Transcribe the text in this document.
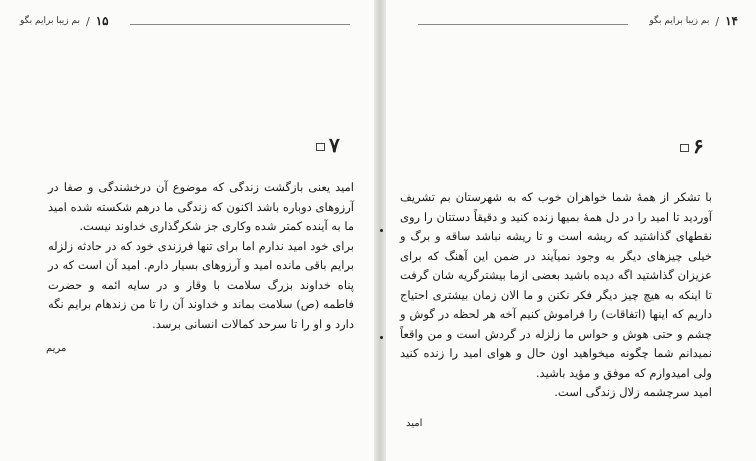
۱۵
/
بم زیبا برایم بگو
۷

امید یعنی بازگشت زندگی که موضوع آن درخشندگی و صفا در آرزوهای دوباره باشد اکنون که زندگی ما درهم شکسته شده امید ما به آینده کمتر شده وکاری جز شکرگذاری خداوند نیست.

برای خود امید ندارم اما برای تنها فرزندی خود که در حادثه زلزله برایم باقی مانده امید و آرزوهای بسیار دارم. امید آن است که در پناه خداوند بزرگ سلامت با وقار و در سایه ائمه و حضرت فاطمه (ص) سلامت بماند و خداوند آن را تا من زندهام برایم نگه دارد و او را تا سرحد کمالات انسانی برسد.

مریم
۱۴
/
بم زیبا برایم بگو
۶

با تشکر از همهٔ شما خواهران خوب که به شهرستان بم تشریف آوردید تا امید را در دل همهٔ بمیها زنده کنید و دقیقاً دستتان را روی نقطهای گذاشتید که ریشه است و تا ریشه نباشد ساقه و برگ و خیلی چیزهای دیگر به وجود نمیآیند در ضمن این آهنگ که برای عزیزان گذاشتید اگه دیده باشید بعضی ازما بیشترگریه شان گرفت تا اینکه به هیچ چیز دیگر فکر نکنن و ما الان زمان بیشتری احتیاج داریم که اینها (اتفاقات) را فراموش کنیم آخه هر لحظه در گوش و چشم و حتی هوش و حواس ما زلزله در گردش است و من واقعاً نمیدانم شما چگونه میخواهید اون حال و هوای امید را زنده کنید ولی امیدوارم که موفق و مؤید باشید.

امید سرچشمه زلال زندگی است.

امید
